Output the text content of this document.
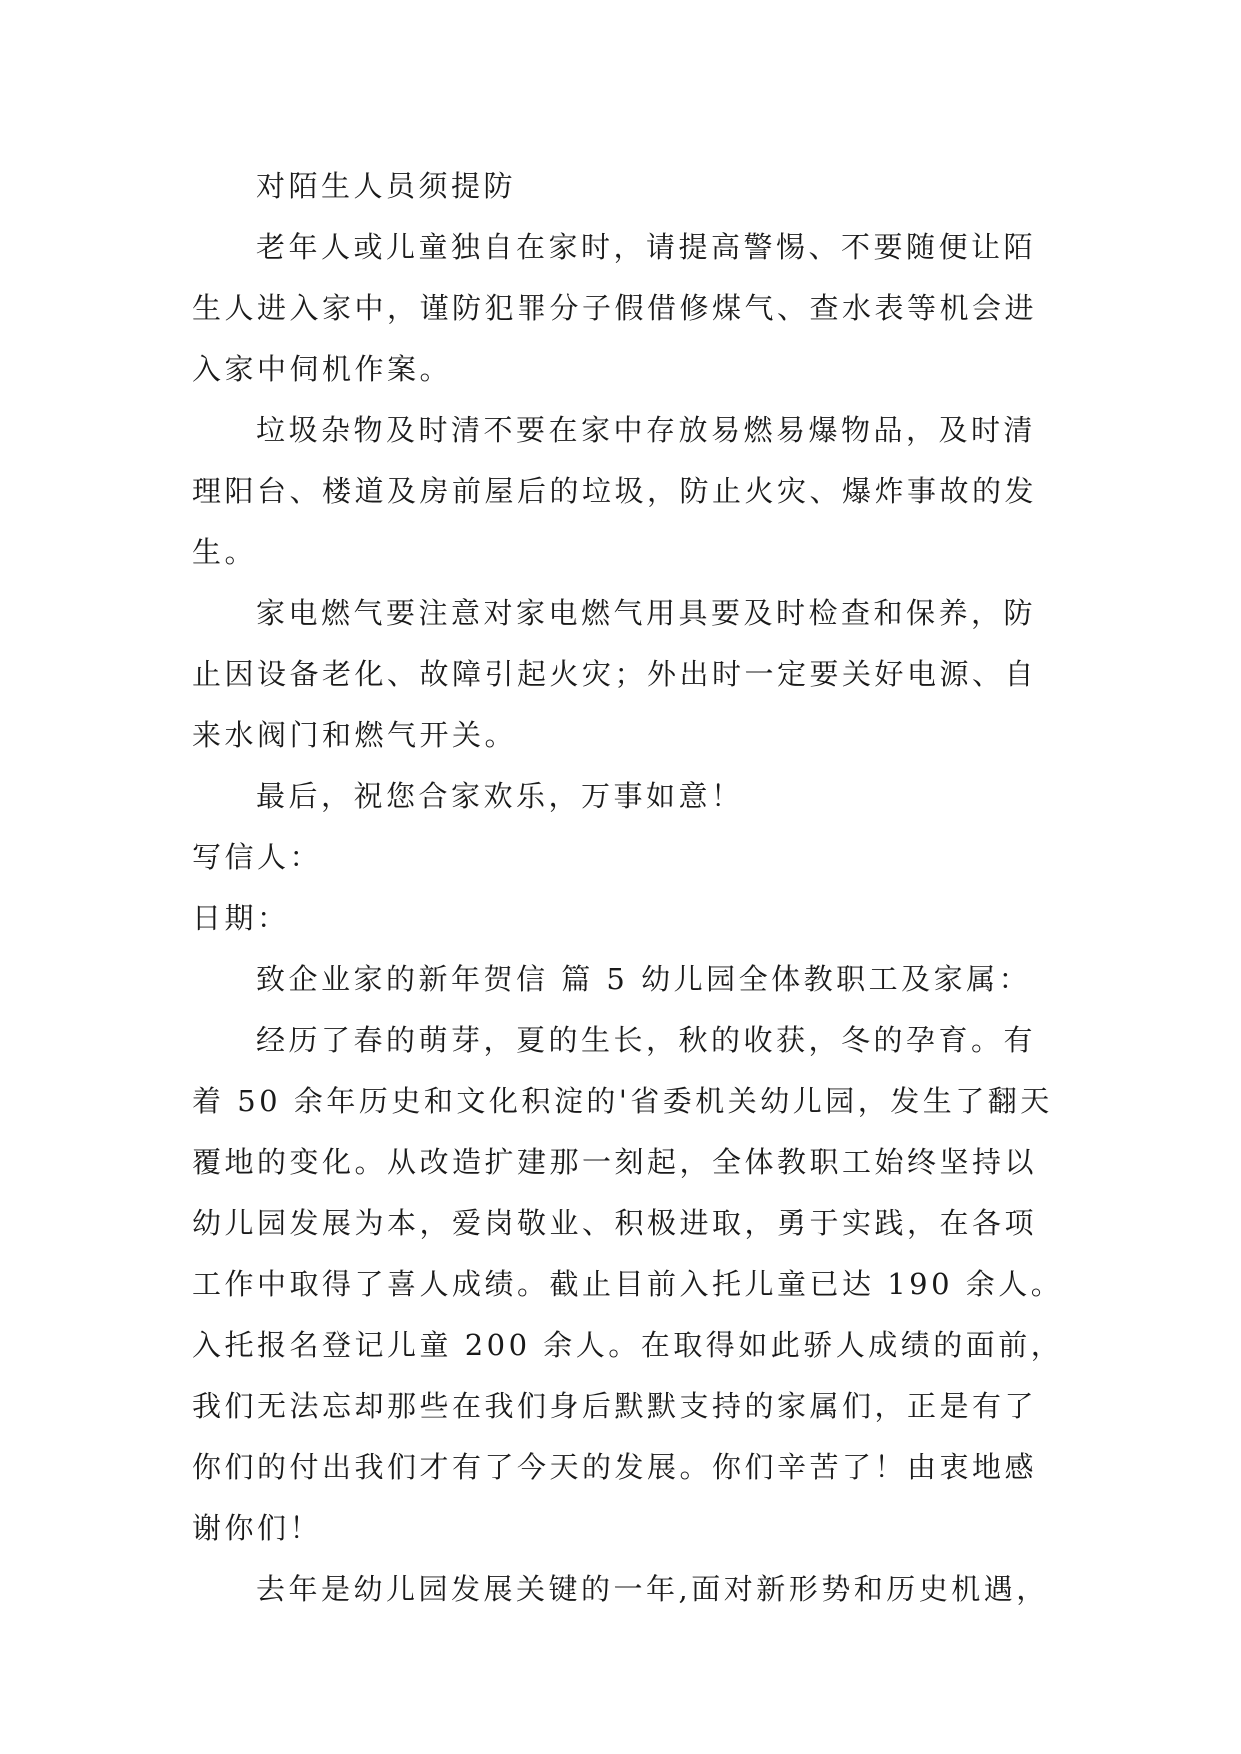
对陌生人员须提防
老年人或儿童独自在家时，请提高警惕、不要随便让陌
生人进入家中，谨防犯罪分子假借修煤气、查水表等机会进
入家中伺机作案。
垃圾杂物及时清不要在家中存放易燃易爆物品，及时清
理阳台、楼道及房前屋后的垃圾，防止火灾、爆炸事故的发
生。
家电燃气要注意对家电燃气用具要及时检查和保养，防
止因设备老化、故障引起火灾；外出时一定要关好电源、自
来水阀门和燃气开关。
最后，祝您合家欢乐，万事如意！
写信人：
日期：
致企业家的新年贺信 篇 5 幼儿园全体教职工及家属：
经历了春的萌芽，夏的生长，秋的收获，冬的孕育。有
着 50 余年历史和文化积淀的'省委机关幼儿园，发生了翻天
覆地的变化。从改造扩建那一刻起，全体教职工始终坚持以
幼儿园发展为本，爱岗敬业、积极进取，勇于实践，在各项
工作中取得了喜人成绩。截止目前入托儿童已达 190 余人。
入托报名登记儿童 200 余人。在取得如此骄人成绩的面前，
我们无法忘却那些在我们身后默默支持的家属们，正是有了
你们的付出我们才有了今天的发展。你们辛苦了！由衷地感
谢你们！
去年是幼儿园发展关键的一年,面对新形势和历史机遇，
